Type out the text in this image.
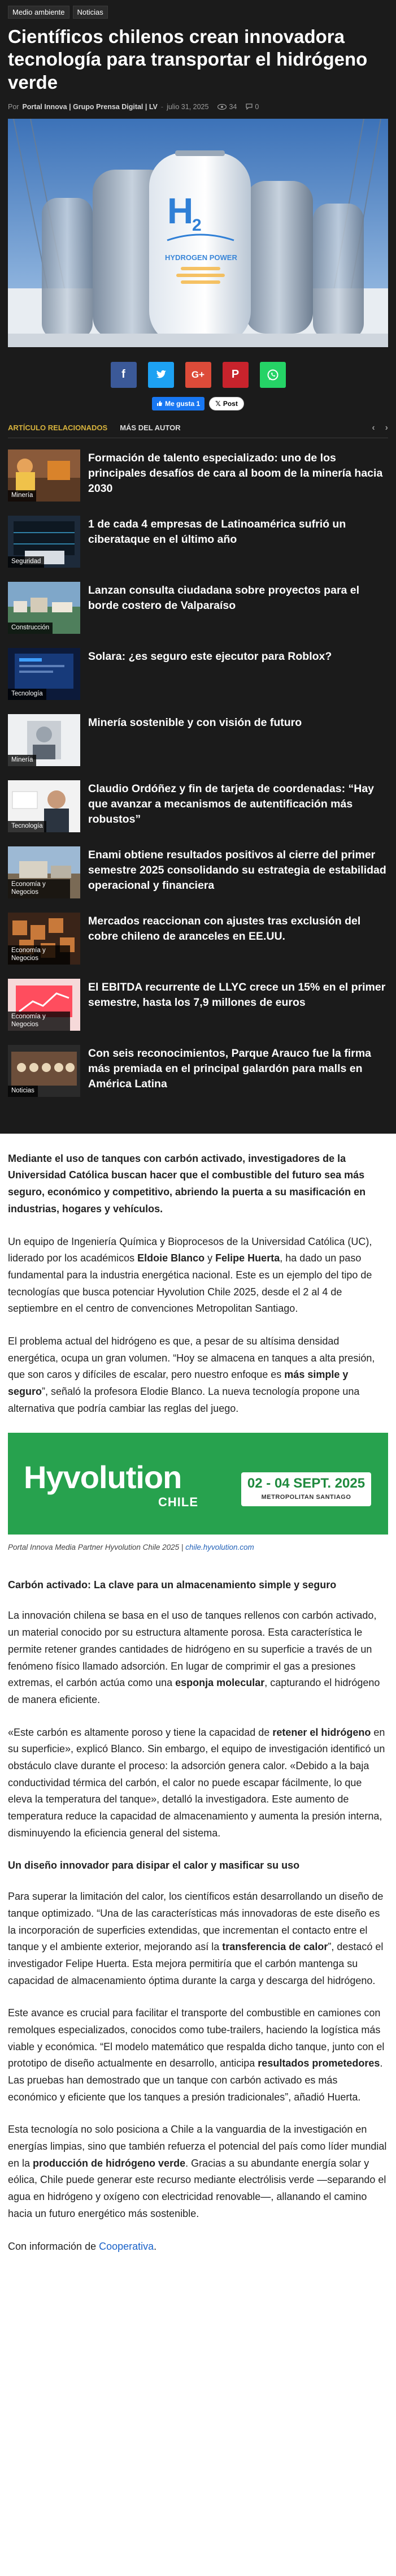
Medio ambiente	Noticias
Científicos chilenos crean innovadora tecnología para transportar el hidrógeno verde
Por Portal Innova | Grupo Prensa Digital | LV - julio 31, 2025	34	0
H
2
HYDROGEN POWER
f	G+	P
Me gusta 1 𝕏 Post
ARTÍCULO RELACIONADOS MÁS DEL AUTOR	‹ ›
Minería
Formación de talento especializado: uno de los principales desafíos de cara al boom de la minería hacia 2030
Seguridad
1 de cada 4 empresas de Latinoamérica sufrió un ciberataque en el último año
Construcción
Lanzan consulta ciudadana sobre proyectos para el borde costero de Valparaíso
Tecnología
Solara: ¿es seguro este ejecutor para Roblox?
Minería
Minería sostenible y con visión de futuro
Tecnología
Claudio Ordóñez y fin de tarjeta de coordenadas: “Hay que avanzar a mecanismos de autentificación más robustos”
Economía y Negocios
Enami obtiene resultados positivos al cierre del primer semestre 2025 consolidando su estrategia de estabilidad operacional y financiera
Economía y Negocios
Mercados reaccionan con ajustes tras exclusión del cobre chileno de aranceles en EE.UU.
Economía y Negocios
El EBITDA recurrente de LLYC crece un 15% en el primer semestre, hasta los 7,9 millones de euros
Noticias
Con seis reconocimientos, Parque Arauco fue la firma más premiada en el principal galardón para malls en América Latina

Mediante el uso de tanques con carbón activado, investigadores de la Universidad Católica buscan hacer que el combustible del futuro sea más seguro, económico y competitivo, abriendo la puerta a su masificación en industrias, hogares y vehículos.

Un equipo de Ingeniería Química y Bioprocesos de la Universidad Católica (UC), liderado por los académicos Eldoie Blanco y Felipe Huerta, ha dado un paso fundamental para la industria energética nacional. Este es un ejemplo del tipo de tecnologías que busca potenciar Hyvolution Chile 2025, desde el 2 al 4 de septiembre en el centro de convenciones Metropolitan Santiago.

El problema actual del hidrógeno es que, a pesar de su altísima densidad energética, ocupa un gran volumen. “Hoy se almacena en tanques a alta presión, que son caros y difíciles de escalar, pero nuestro enfoque es más simple y seguro”, señaló la profesora Elodie Blanco. La nueva tecnología propone una alternativa que podría cambiar las reglas del juego.

Hyvolution
CHILE
02 - 04 SEPT. 2025
METROPOLITAN SANTIAGO

Portal Innova Media Partner Hyvolution Chile 2025 | chile.hyvolution.com

Carbón activado: La clave para un almacenamiento simple y seguro

La innovación chilena se basa en el uso de tanques rellenos con carbón activado, un material conocido por su estructura altamente porosa. Esta característica le permite retener grandes cantidades de hidrógeno en su superficie a través de un fenómeno físico llamado adsorción. En lugar de comprimir el gas a presiones extremas, el carbón actúa como una esponja molecular, capturando el hidrógeno de manera eficiente.

«Este carbón es altamente poroso y tiene la capacidad de retener el hidrógeno en su superficie», explicó Blanco. Sin embargo, el equipo de investigación identificó un obstáculo clave durante el proceso: la adsorción genera calor. «Debido a la baja conductividad térmica del carbón, el calor no puede escapar fácilmente, lo que eleva la temperatura del tanque», detalló la investigadora. Este aumento de temperatura reduce la capacidad de almacenamiento y aumenta la presión interna, disminuyendo la eficiencia general del sistema.

Un diseño innovador para disipar el calor y masificar su uso

Para superar la limitación del calor, los científicos están desarrollando un diseño de tanque optimizado. “Una de las características más innovadoras de este diseño es la incorporación de superficies extendidas, que incrementan el contacto entre el tanque y el ambiente exterior, mejorando así la transferencia de calor”, destacó el investigador Felipe Huerta. Esta mejora permitiría que el carbón mantenga su capacidad de almacenamiento óptima durante la carga y descarga del hidrógeno.

Este avance es crucial para facilitar el transporte del combustible en camiones con remolques especializados, conocidos como tube-trailers, haciendo la logística más viable y económica. “El modelo matemático que respalda dicho tanque, junto con el prototipo de diseño actualmente en desarrollo, anticipa resultados prometedores. Las pruebas han demostrado que un tanque con carbón activado es más económico y eficiente que los tanques a presión tradicionales”, añadió Huerta.

Esta tecnología no solo posiciona a Chile a la vanguardia de la investigación en energías limpias, sino que también refuerza el potencial del país como líder mundial en la producción de hidrógeno verde. Gracias a su abundante energía solar y eólica, Chile puede generar este recurso mediante electrólisis verde —separando el agua en hidrógeno y oxígeno con electricidad renovable—, allanando el camino hacia un futuro energético más sostenible.

Con información de Cooperativa.
